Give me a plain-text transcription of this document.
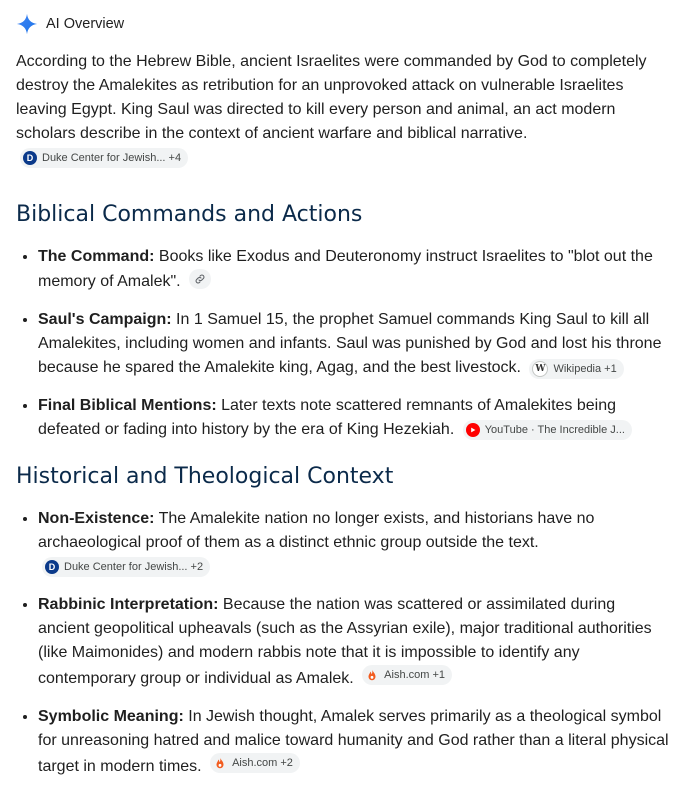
AI Overview

According to the Hebrew Bible, ancient Israelites were commanded by God to completely destroy the Amalekites as retribution for an unprovoked attack on vulnerable Israelites leaving Egypt. King Saul was directed to kill every person and animal, an act modern scholars describe in the context of ancient warfare and biblical narrative.
D Duke Center for Jewish... +4

Biblical Commands and Actions
• The Command: Books like Exodus and Deuteronomy instruct Israelites to "blot out the memory of Amalek".
• Saul's Campaign: In 1 Samuel 15, the prophet Samuel commands King Saul to kill all Amalekites, including women and infants. Saul was punished by God and lost his throne because he spared the Amalekite king, Agag, and the best livestock.	W Wikipedia +1
• Final Biblical Mentions: Later texts note scattered remnants of Amalekites being defeated or fading into history by the era of King Hezekiah.	YouTube · The Incredible J...
Historical and Theological Context
• Non-Existence: The Amalekite nation no longer exists, and historians have no archaeological proof of them as a distinct ethnic group outside the text.
D Duke Center for Jewish... +2
• Rabbinic Interpretation: Because the nation was scattered or assimilated during ancient geopolitical upheavals (such as the Assyrian exile), major traditional authorities (like Maimonides) and modern rabbis note that it is impossible to identify any contemporary group or individual as Amalek.	Aish.com +1
• Symbolic Meaning: In Jewish thought, Amalek serves primarily as a theological symbol for unreasoning hatred and malice toward humanity and God rather than a literal physical target in modern times.	Aish.com +2
